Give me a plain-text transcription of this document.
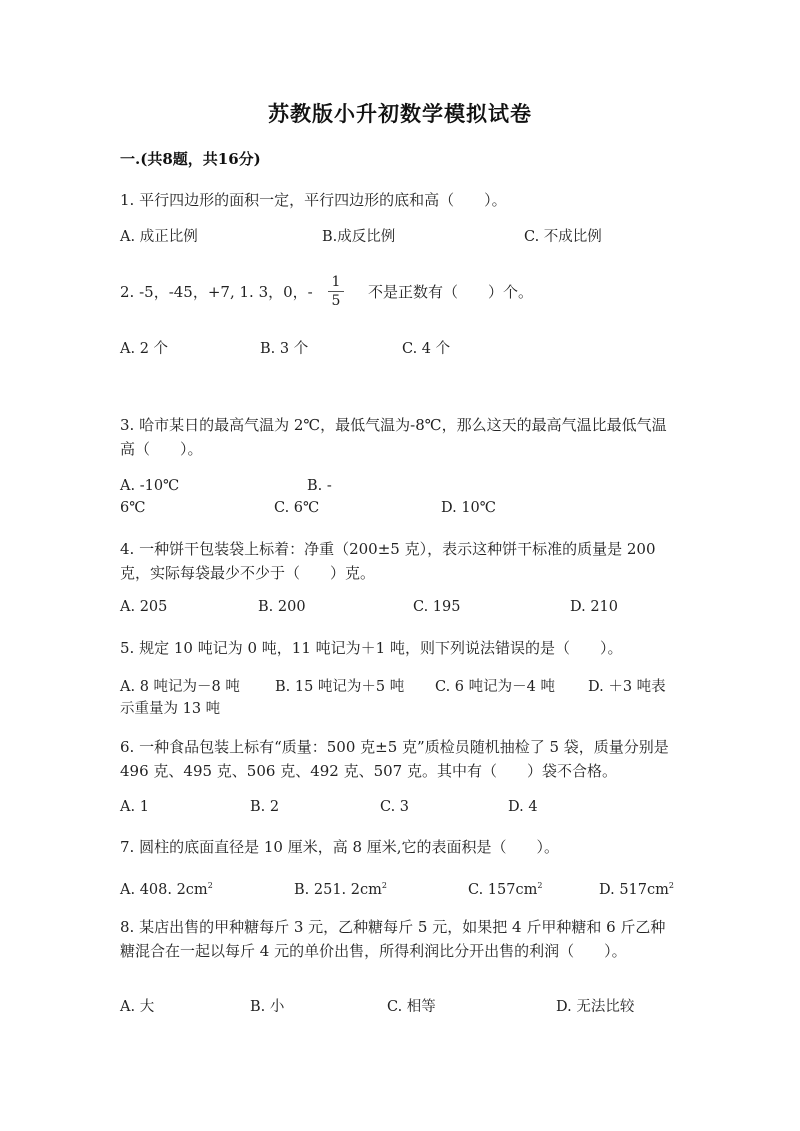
苏教版小升初数学模拟试卷
一.(共8题，共16分)
1. 平行四边形的面积一定，平行四边形的底和高（　　）。
A. 成正比例	B.成反比例	C. 不成比例
2. -5，-45，+7, 1. 3，0，- $\frac{1}{5}$ 不是正数有（　　）个。
A. 2 个	B. 3 个	C. 4 个
3. 哈市某日的最高气温为 2℃，最低气温为-8℃，那么这天的最高气温比最低气温高（　　）。
A. -10℃	B. -
6℃	C. 6℃	D. 10℃
4. 一种饼干包装袋上标着：净重（200±5 克），表示这种饼干标准的质量是 200 克，实际每袋最少不少于（　　）克。
A. 205	B. 200	C. 195	D. 210
5. 规定 10 吨记为 0 吨，11 吨记为＋1 吨，则下列说法错误的是（　　）。
A. 8 吨记为－8 吨 B. 15 吨记为＋5 吨 C. 6 吨记为－4 吨 D. ＋3 吨表
示重量为 13 吨
6. 一种食品包装上标有“质量：500 克±5 克”质检员随机抽检了 5 袋，质量分别是 496 克、495 克、506 克、492 克、507 克。其中有（　　）袋不合格。
A. 1	B. 2	C. 3	D. 4
7. 圆柱的底面直径是 10 厘米，高 8 厘米,它的表面积是（　　）。
A. 408. $2cm^2$	B. 251. $2cm^2$	C. $157cm^2$	D. $517cm^2$
8. 某店出售的甲种糖每斤 3 元，乙种糖每斤 5 元，如果把 4 斤甲种糖和 6 斤乙种糖混合在一起以每斤 4 元的单价出售，所得利润比分开出售的利润（　　）。
A. 大	B. 小	C. 相等	D. 无法比较
